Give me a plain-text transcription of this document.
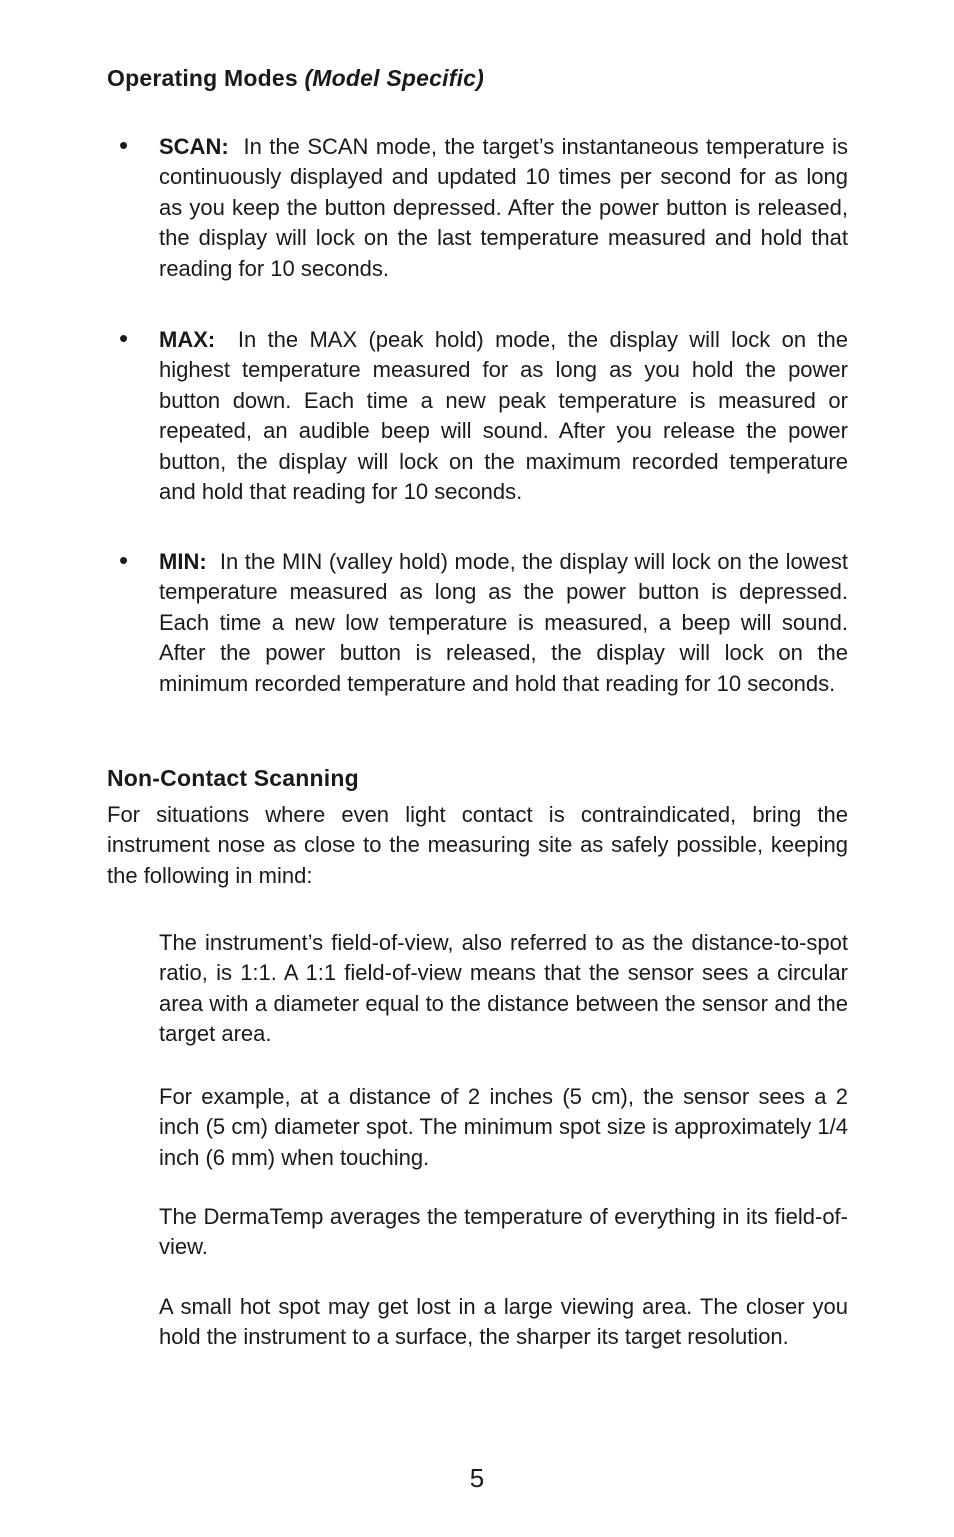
Operating Modes (Model Specific)
• SCAN: In the SCAN mode, the target’s instantaneous temperature is continuously displayed and updated 10 times per second for as long as you keep the button depressed. After the power button is released, the display will lock on the last temperature measured and hold that reading for 10 seconds.

• MAX: In the MAX (peak hold) mode, the display will lock on the highest temperature measured for as long as you hold the power button down. Each time a new peak temperature is measured or repeated, an audible beep will sound. After you release the power button, the display will lock on the maximum recorded temperature and hold that reading for 10 seconds.

• MIN: In the MIN (valley hold) mode, the display will lock on the lowest temperature measured as long as the power button is depressed. Each time a new low temperature is measured, a beep will sound. After the power button is released, the display will lock on the minimum recorded temperature and hold that reading for 10 seconds.

Non-Contact Scanning

For situations where even light contact is contraindicated, bring the instrument nose as close to the measuring site as safely possible, keeping the following in mind:

The instrument’s field-of-view, also referred to as the distance-to-spot ratio, is 1:1. A 1:1 field-of-view means that the sensor sees a circular area with a diameter equal to the distance between the sensor and the target area.

For example, at a distance of 2 inches (5 cm), the sensor sees a 2 inch (5 cm) diameter spot. The minimum spot size is approximately 1/4 inch (6 mm) when touching.

The DermaTemp averages the temperature of everything in its field-of-view.

A small hot spot may get lost in a large viewing area. The closer you hold the instrument to a surface, the sharper its target resolution.

5
